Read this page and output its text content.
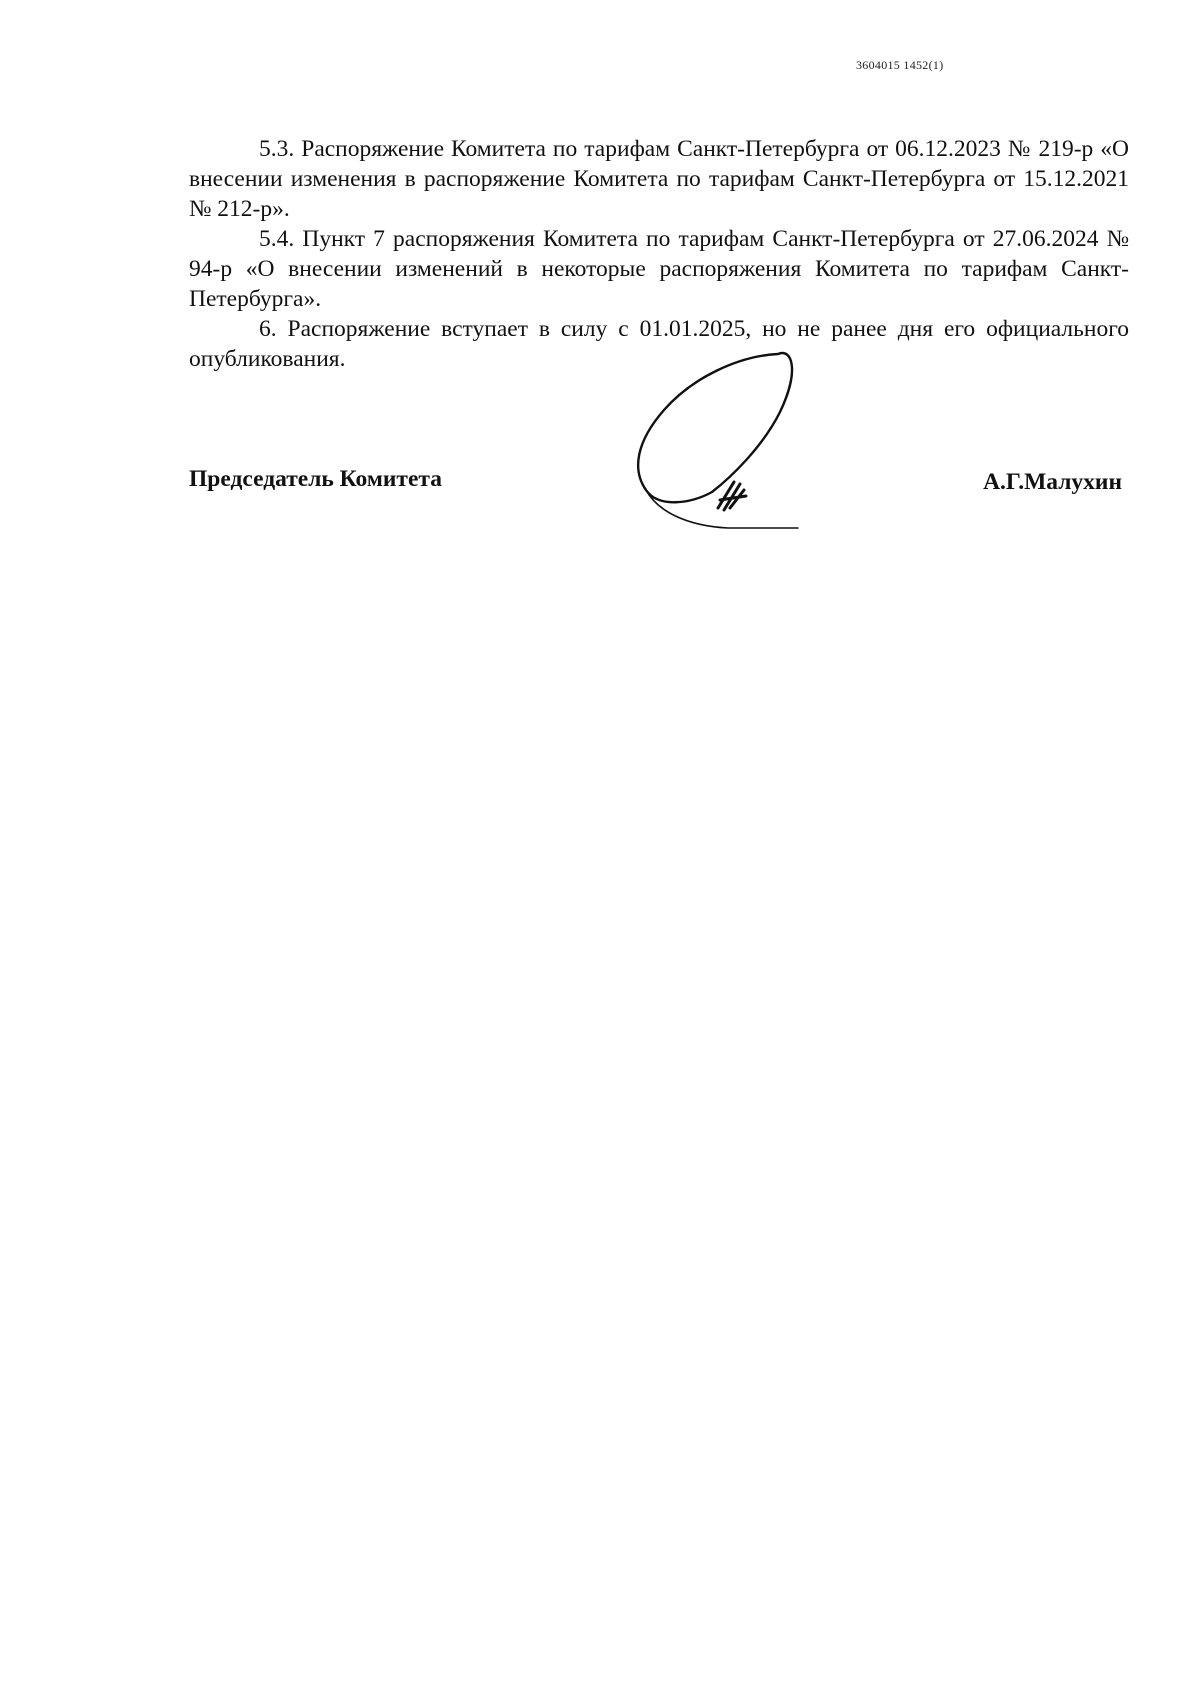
3604015 1452(1)

5.3. Распоряжение Комитета по тарифам Санкт-Петербурга от 06.12.2023 № 219-р «О внесении изменения в распоряжение Комитета по тарифам Санкт-Петербурга от 15.12.2021 № 212-р».

5.4. Пункт 7 распоряжения Комитета по тарифам Санкт-Петербурга от 27.06.2024 № 94-р «О внесении изменений в некоторые распоряжения Комитета по тарифам Санкт-Петербурга».

6. Распоряжение вступает в силу с 01.01.2025, но не ранее дня его официального опубликования.

Председатель Комитета	А.Г.Малухин
